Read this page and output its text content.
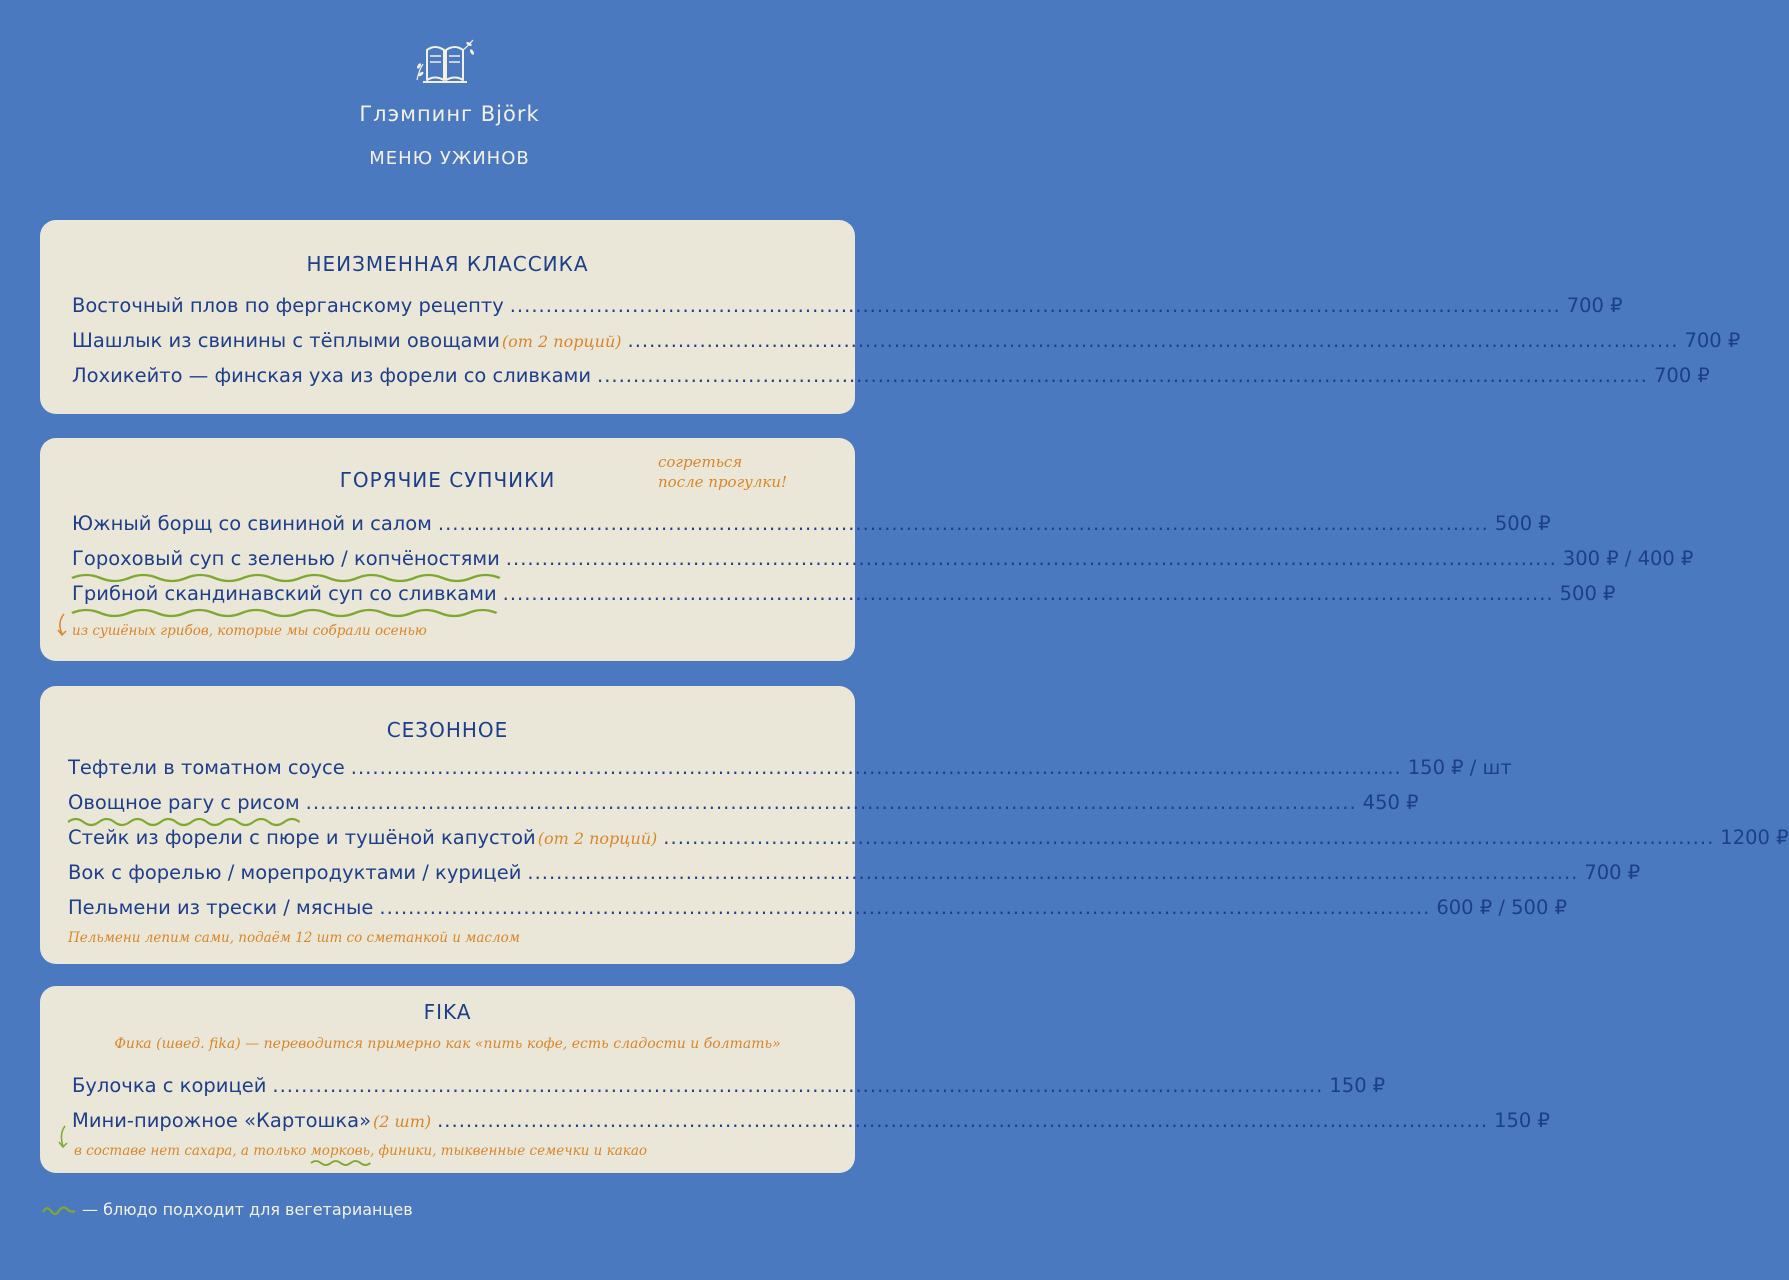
Глэмпинг Björk
МЕНЮ УЖИНОВ
НЕИЗМЕННАЯ КЛАССИКА
Восточный плов по ферганскому рецепту .................................................................................................................................................. 700 ₽
Шашлык из свинины с тёплыми овощами (от 2 порций) .................................................................................................................................................. 700 ₽
Лохикейто — финская уха из форели со сливками .................................................................................................................................................. 700 ₽
ГОРЯЧИЕ СУПЧИКИ
согреться
после прогулки!
Южный борщ со свининой и салом .................................................................................................................................................. 500 ₽
Гороховый суп с зеленью / копчёностями .................................................................................................................................................. 300 ₽ / 400 ₽
Грибной скандинавский суп со сливками .................................................................................................................................................. 500 ₽
из сушёных грибов, которые мы собрали осенью
СЕЗОННОЕ
Тефтели в томатном соусе .................................................................................................................................................. 150 ₽ / шт
Овощное рагу с рисом .................................................................................................................................................. 450 ₽
Стейк из форели с пюре и тушёной капустой (от 2 порций) .................................................................................................................................................. 1200 ₽
Вок с форелью / морепродуктами / курицей .................................................................................................................................................. 700 ₽
Пельмени из трески / мясные .................................................................................................................................................. 600 ₽ / 500 ₽
Пельмени лепим сами, подаём 12 шт со сметанкой и маслом
FIKA
Фика (швед. fika) — переводится примерно как «пить кофе, есть сладости и болтать»
Булочка с корицей .................................................................................................................................................. 150 ₽
Мини-пирожное «Картошка» (2 шт) .................................................................................................................................................. 150 ₽
в составе нет сахара, а только морковь
, финики, тыквенные семечки и какао
— блюдо подходит для вегетарианцев
